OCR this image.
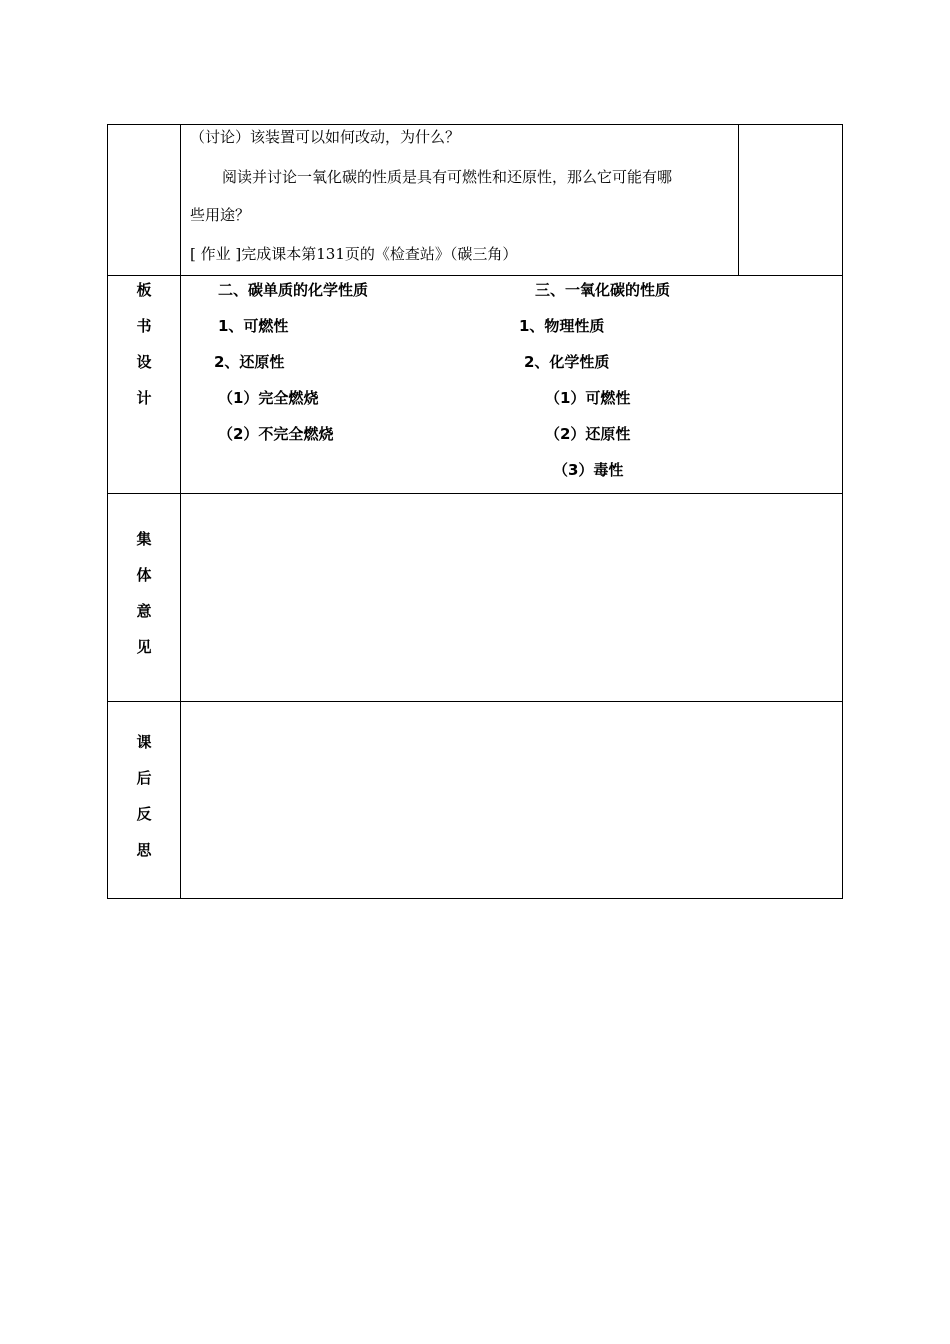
（讨论）该装置可以如何改动，为什么？
阅读并讨论一氧化碳的性质是具有可燃性和还原性，那么它可能有哪
些用途？
[ 作业 ]完成课本第131页的《检查站》（碳三角）
板
书
设
计
二、碳单质的化学性质
1、可燃性
2、还原性
（1）完全燃烧
（2）不完全燃烧
三、一氧化碳的性质
1、物理性质
2、化学性质
（1）可燃性
（2）还原性
（3）毒性
集
体
意
见
课
后
反
思
